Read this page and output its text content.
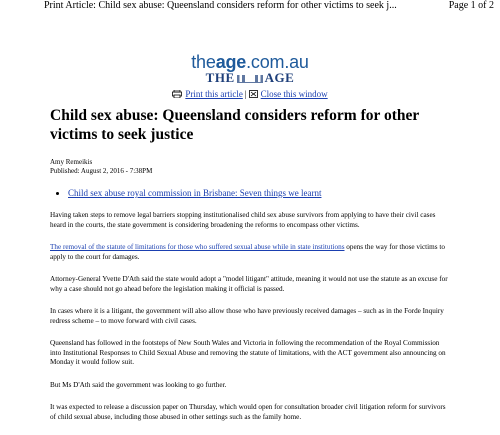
Print Article: Child sex abuse: Queensland considers reform for other victims to seek j...	Page 1 of 2
theage.com.au
THE AGE
Print this article | Close this window
Child sex abuse: Queensland considers reform for other victims to seek justice
Amy Remeikis
Published: August 2, 2016 - 7:38PM
• Child sex abuse royal commission in Brisbane: Seven things we learnt

Having taken steps to remove legal barriers stopping institutionalised child sex abuse survivors from applying to have their civil cases heard in the courts, the state government is considering broadening the reforms to encompass other victims.

The removal of the statute of limitations for those who suffered sexual abuse while in state institutions opens the way for those victims to apply to the court for damages.

Attorney-General Yvette D'Ath said the state would adopt a "model litigant" attitude, meaning it would not use the statute as an excuse for why a case should not go ahead before the legislation making it official is passed.

In cases where it is a litigant, the government will also allow those who have previously received damages – such as in the Forde Inquiry redress scheme – to move forward with civil cases.

Queensland has followed in the footsteps of New South Wales and Victoria in following the recommendation of the Royal Commission into Institutional Responses to Child Sexual Abuse and removing the statute of limitations, with the ACT government also announcing on Monday it would follow suit.

But Ms D'Ath said the government was looking to go further.

It was expected to release a discussion paper on Thursday, which would open for consultation broader civil litigation reform for survivors of child sexual abuse, including those abused in other settings such as the family home.
